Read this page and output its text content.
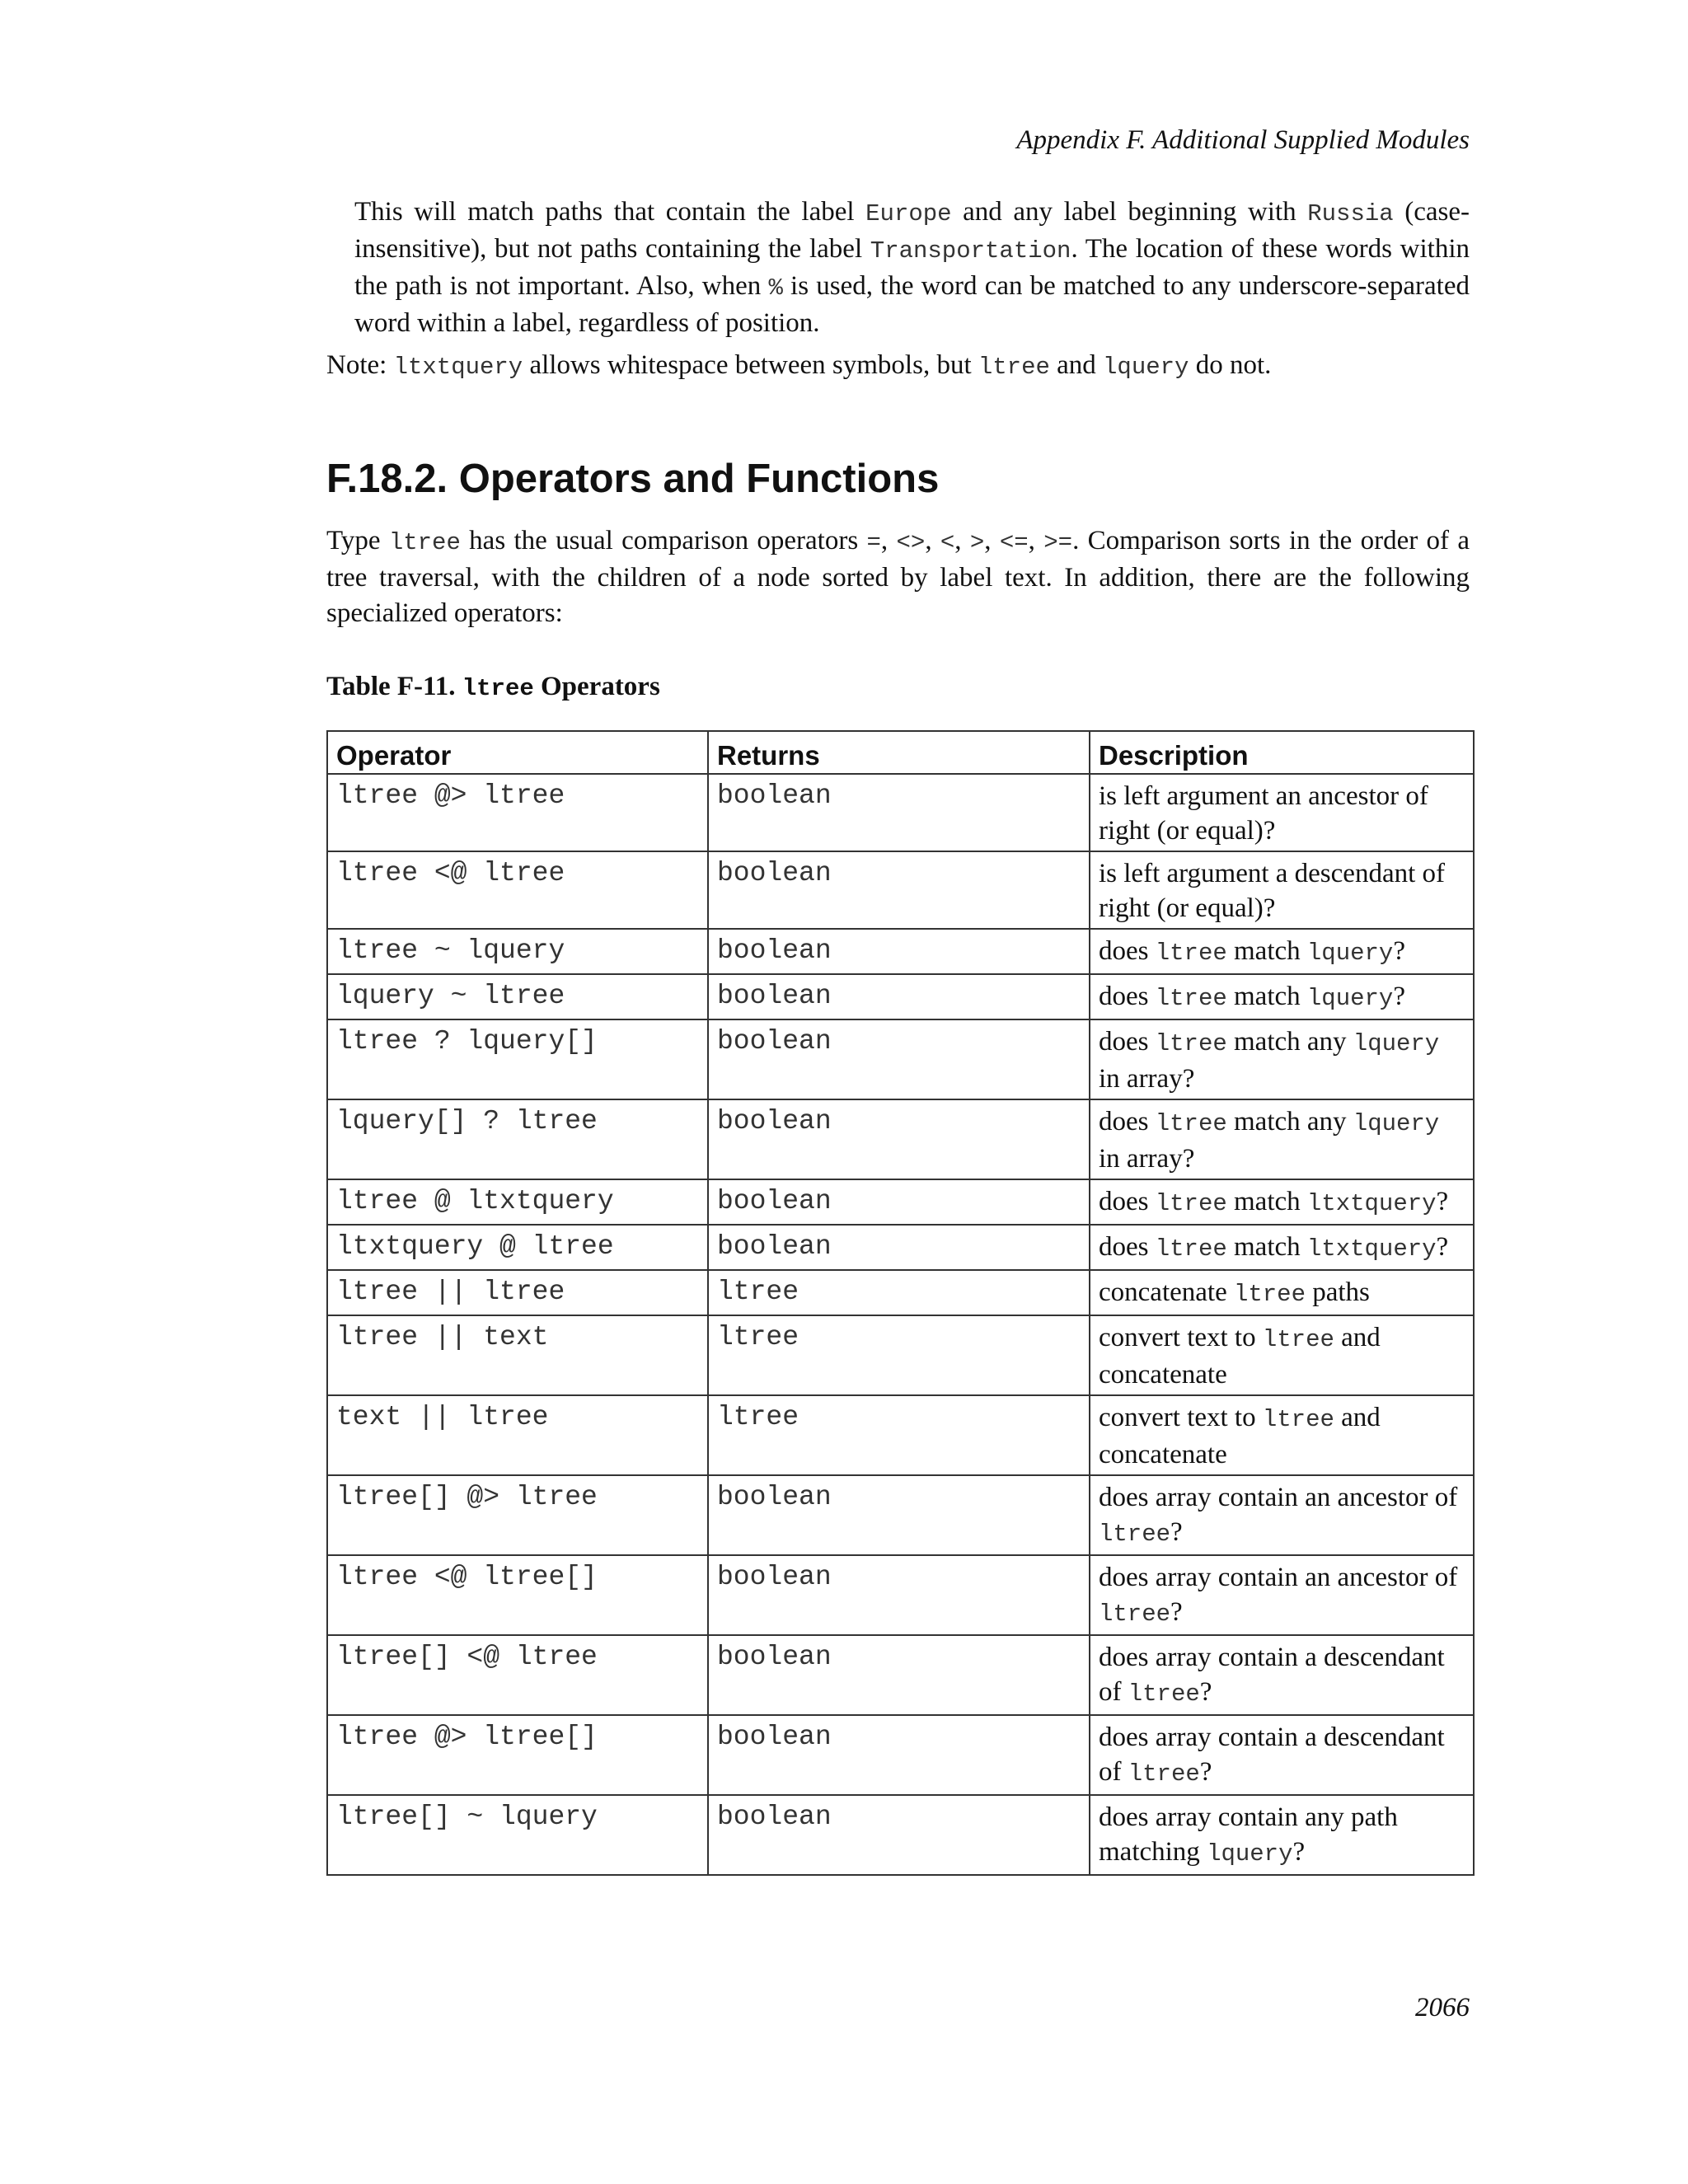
Appendix F. Additional Supplied Modules

This will match paths that contain the label Europe and any label beginning with Russia (case-insensitive), but not paths containing the label Transportation. The location of these words within the path is not important. Also, when % is used, the word can be matched to any underscore-separated word within a label, regardless of position.

Note: ltxtquery allows whitespace between symbols, but ltree and lquery do not.

F.18.2. Operators and Functions

Type ltree has the usual comparison operators =, <>, <, >, <=, >=. Comparison sorts in the order of a tree traversal, with the children of a node sorted by label text. In addition, there are the following specialized operators:

Table F-11. ltree Operators
Operator	Returns	Description
ltree @> ltree	boolean	is left argument an ancestor of right (or equal)?
ltree <@ ltree	boolean	is left argument a descendant of right (or equal)?
ltree ~ lquery	boolean	does ltree match lquery?
lquery ~ ltree	boolean	does ltree match lquery?
ltree ? lquery[]	boolean	does ltree match any lquery in array?
lquery[] ? ltree	boolean	does ltree match any lquery in array?
ltree @ ltxtquery	boolean	does ltree match ltxtquery?
ltxtquery @ ltree	boolean	does ltree match ltxtquery?
ltree || ltree	ltree	concatenate ltree paths
ltree || text	ltree	convert text to ltree and concatenate
text || ltree	ltree	convert text to ltree and concatenate
ltree[] @> ltree	boolean	does array contain an ancestor of ltree?
ltree <@ ltree[]	boolean	does array contain an ancestor of ltree?
ltree[] <@ ltree	boolean	does array contain a descendant of ltree?
ltree @> ltree[]	boolean	does array contain a descendant of ltree?
ltree[] ~ lquery	boolean	does array contain any path matching lquery?
2066
